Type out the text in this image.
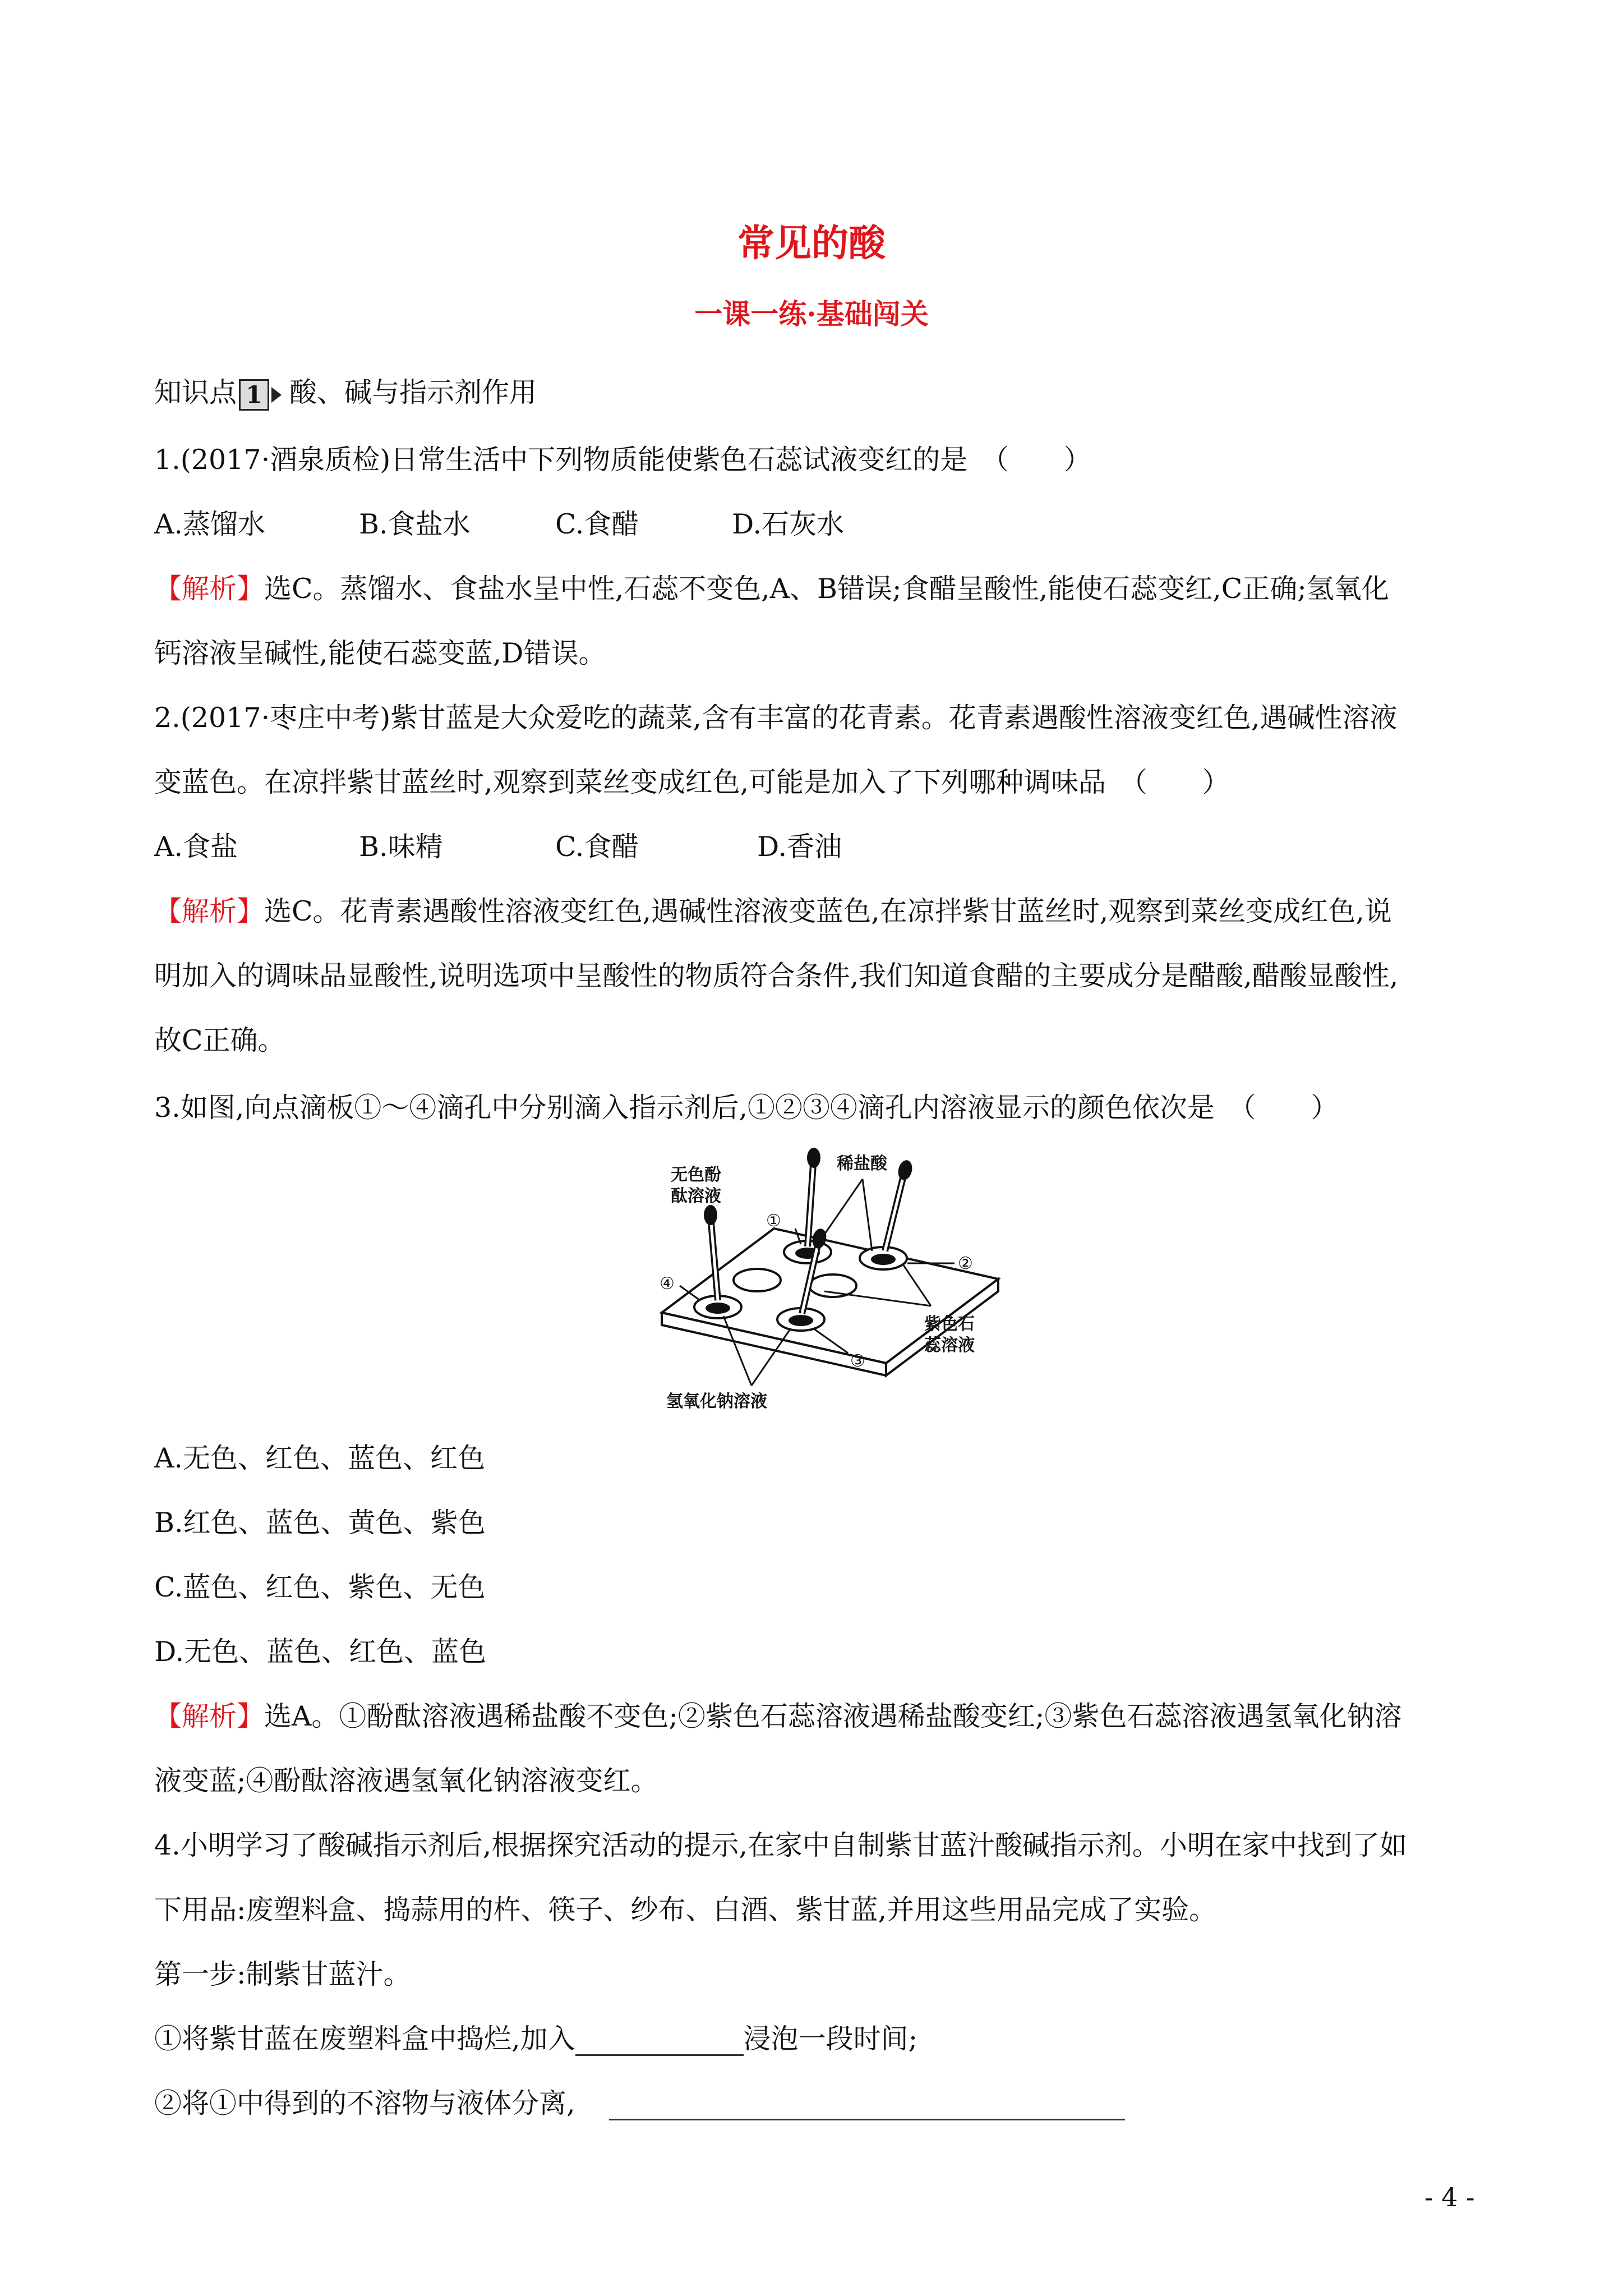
常见的酸
一课一练·基础闯关
知识点 1 酸、碱与指示剂作用
1.(2017·酒泉质检)日常生活中下列物质能使紫色石蕊试液变红的是　（　　）
A.蒸馏水	B.食盐水	C.食醋	D.石灰水
【解析】选C。蒸馏水、食盐水呈中性,石蕊不变色,A、B错误;食醋呈酸性,能使石蕊变红,C正确;氢氧化
钙溶液呈碱性,能使石蕊变蓝,D错误。
2.(2017·枣庄中考)紫甘蓝是大众爱吃的蔬菜,含有丰富的花青素。花青素遇酸性溶液变红色,遇碱性溶液
变蓝色。在凉拌紫甘蓝丝时,观察到菜丝变成红色,可能是加入了下列哪种调味品　（　　）
A.食盐	B.味精	C.食醋	D.香油
【解析】选C。花青素遇酸性溶液变红色,遇碱性溶液变蓝色,在凉拌紫甘蓝丝时,观察到菜丝变成红色,说
明加入的调味品显酸性,说明选项中呈酸性的物质符合条件,我们知道食醋的主要成分是醋酸,醋酸显酸性,
故C正确。
3.如图,向点滴板①～④滴孔中分别滴入指示剂后,①②③④滴孔内溶液显示的颜色依次是　（　　）
无色酚
酞溶液
稀盐酸
紫色石
蕊溶液
氢氧化钠溶液
①
②
③
④
A.无色、红色、蓝色、红色
B.红色、蓝色、黄色、紫色
C.蓝色、红色、紫色、无色
D.无色、蓝色、红色、蓝色
【解析】选A。①酚酞溶液遇稀盐酸不变色;②紫色石蕊溶液遇稀盐酸变红;③紫色石蕊溶液遇氢氧化钠溶
液变蓝;④酚酞溶液遇氢氧化钠溶液变红。
4.小明学习了酸碱指示剂后,根据探究活动的提示,在家中自制紫甘蓝汁酸碱指示剂。小明在家中找到了如
下用品:废塑料盒、捣蒜用的杵、筷子、纱布、白酒、紫甘蓝,并用这些用品完成了实验。
第一步:制紫甘蓝汁。
①将紫甘蓝在废塑料盒中捣烂,加入	浸泡一段时间;
②将①中得到的不溶物与液体分离,
- 4 -
